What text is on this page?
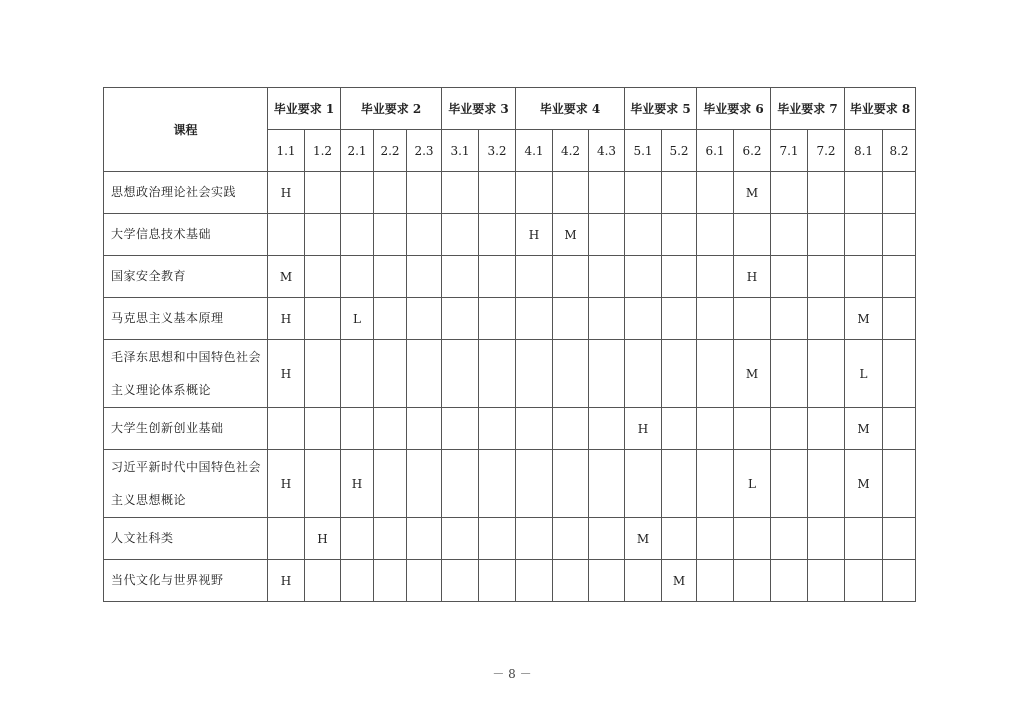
课程	毕业要求 1		毕业要求 2			毕业要求 3		毕业要求 4			毕业要求 5		毕业要求 6		毕业要求 7		毕业要求 8	
	1.1	1.2	2.1	2.2	2.3	3.1	3.2	4.1	4.2	4.3	5.1	5.2	6.1	6.2	7.1	7.2	8.1	8.2
思想政治理论社会实践	H													M				
大学信息技术基础								H	M									
国家安全教育	M													H				
马克思主义基本原理	H		L														M	
毛泽东思想和中国特色社会主义理论体系概论	H													M			L	
大学生创新创业基础											H						M	
习近平新时代中国特色社会 主义思想概论	H		H											L			M	
人文社科类		H									M							
当代文化与世界视野	H											M						
－ 8 －
